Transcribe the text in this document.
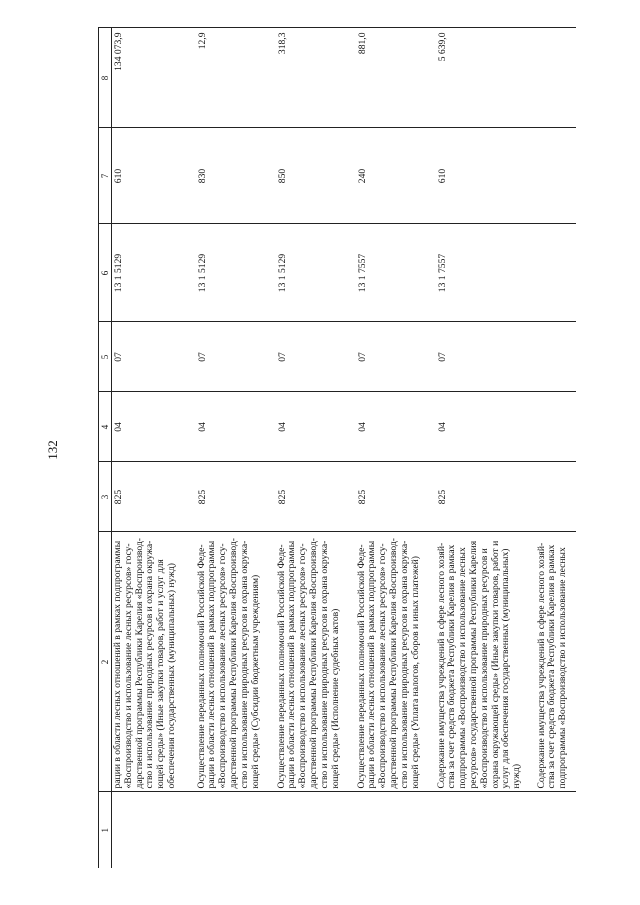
132
1	2	3	4	5	6	7	8
	рации в области лесных отношений в рамках подпрограммы «Воспроизводство и использование лесных ресурсов» государственной программы Республики Карелия «Воспроизводство и использование природных ресурсов и охрана окружающей среды» (Иные закупки товаров, работ и услуг для обеспечения государственных (муниципальных) нужд)	825	04	07	13 1 5129	610	134 073,9
	Осуществление переданных полномочий Российской Федерации в области лесных отношений в рамках подпрограммы «Воспроизводство и использование лесных ресурсов» государственной программы Республики Карелия «Воспроизводство и использование природных ресурсов и охрана окружающей среды» (Субсидии бюджетным учреждениям)	825	04	07	13 1 5129	830	12,9
	Осуществление переданных полномочий Российской Федерации в области лесных отношений в рамках подпрограммы «Воспроизводство и использование лесных ресурсов» государственной программы Республики Карелия «Воспроизводство и использование природных ресурсов и охрана окружающей среды» (Исполнение судебных актов)	825	04	07	13 1 5129	850	318,3
	Осуществление переданных полномочий Российской Федерации в области лесных отношений в рамках подпрограммы «Воспроизводство и использование лесных ресурсов» государственной программы Республики Карелия «Воспроизводство и использование природных ресурсов и охрана окружающей среды» (Уплата налогов, сборов и иных платежей)	825	04	07	13 1 7557	240	881,0
	Содержание имущества учреждений в сфере лесного хозяйства за счет средств бюджета Республики Карелия в рамках подпрограммы «Воспроизводство и использование лесных ресурсов» государственной программы Республики Карелия «Воспроизводство и использование природных ресурсов и охрана окружающей среды» (Иные закупки товаров, работ и услуг для обеспечения государственных (муниципальных) нужд)	825	04	07	13 1 7557	610	5 639,0
	Содержание имущества учреждений в сфере лесного хозяйства за счет средств бюджета Республики Карелия в рамках подпрограммы «Воспроизводство и использование лесных						
